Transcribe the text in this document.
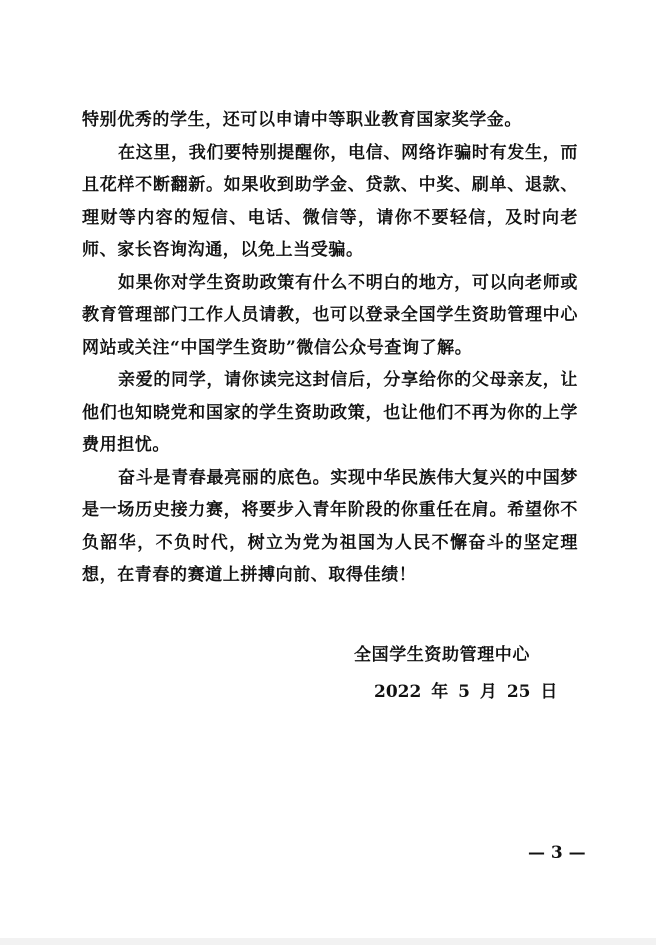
特别优秀的学生，还可以申请中等职业教育国家奖学金。

在这里，我们要特别提醒你，电信、网络诈骗时有发生，而且花样不断翻新。如果收到助学金、贷款、中奖、刷单、退款、理财等内容的短信、电话、微信等，请你不要轻信，及时向老师、家长咨询沟通，以免上当受骗。

如果你对学生资助政策有什么不明白的地方，可以向老师或教育管理部门工作人员请教，也可以登录全国学生资助管理中心网站或关注“中国学生资助”微信公众号查询了解。

亲爱的同学，请你读完这封信后，分享给你的父母亲友，让他们也知晓党和国家的学生资助政策，也让他们不再为你的上学费用担忧。

奋斗是青春最亮丽的底色。实现中华民族伟大复兴的中国梦是一场历史接力赛，将要步入青年阶段的你重任在肩。希望你不负韶华，不负时代，树立为党为祖国为人民不懈奋斗的坚定理想，在青春的赛道上拼搏向前、取得佳绩！

全国学生资助管理中心
2022 年 5 月 25 日
— 3 —
